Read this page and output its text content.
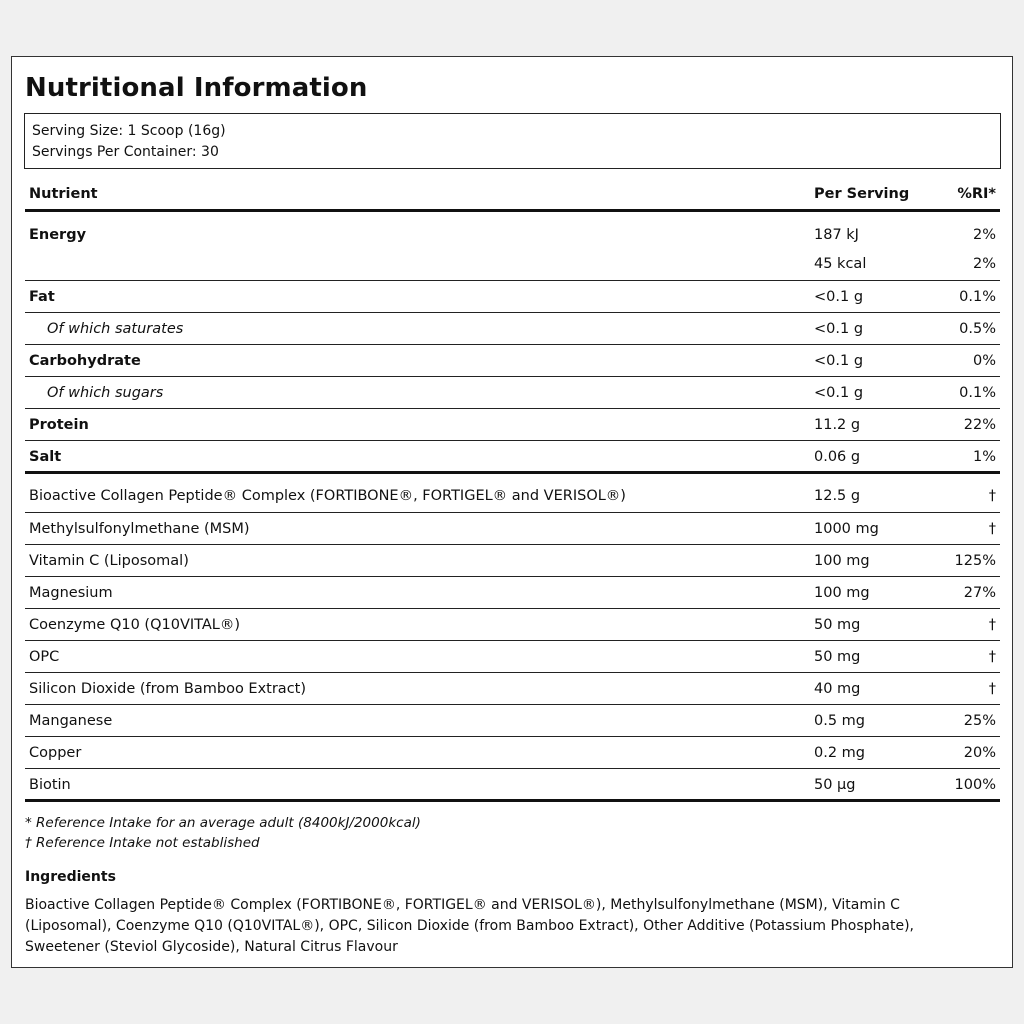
Nutritional Information
Serving Size: 1 Scoop (16g)
Servings Per Container: 30
Nutrient	Per Serving	%RI*
Energy	187 kJ	2%
45 kcal	2%
Fat	<0.1 g	0.1%
Of which saturates	<0.1 g	0.5%
Carbohydrate	<0.1 g	0%
Of which sugars	<0.1 g	0.1%
Protein	11.2 g	22%
Salt	0.06 g	1%
Bioactive Collagen Peptide® Complex (FORTIBONE®, FORTIGEL® and VERISOL®)	12.5 g	†
Methylsulfonylmethane (MSM)	1000 mg	†
Vitamin C (Liposomal)	100 mg	125%
Magnesium	100 mg	27%
Coenzyme Q10 (Q10VITAL®)	50 mg	†
OPC	50 mg	†
Silicon Dioxide (from Bamboo Extract)	40 mg	†
Manganese	0.5 mg	25%
Copper	0.2 mg	20%
Biotin	50 µg	100%
* Reference Intake for an average adult (8400kJ/2000kcal)
† Reference Intake not established
Ingredients
Bioactive Collagen Peptide® Complex (FORTIBONE®, FORTIGEL® and VERISOL®), Methylsulfonylmethane (MSM), Vitamin C (Liposomal), Coenzyme Q10 (Q10VITAL®), OPC, Silicon Dioxide (from Bamboo Extract), Other Additive (Potassium Phosphate), Sweetener (Steviol Glycoside), Natural Citrus Flavour
